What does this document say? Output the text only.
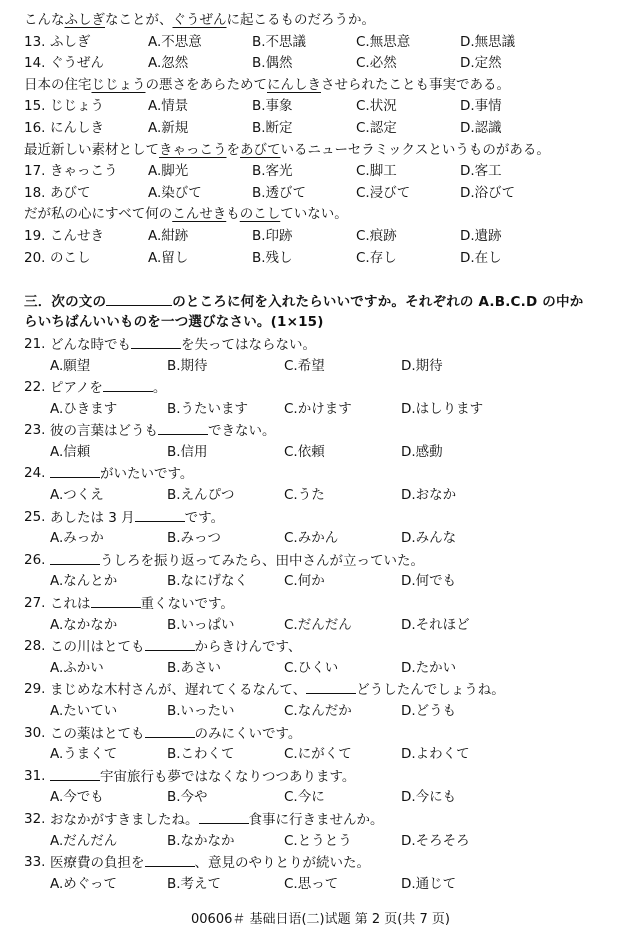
こんなふしぎなことが、ぐうぜんに起こるものだろうか。
13. ふしぎ	A.不思意	B.不思議	C.無思意	D.無思議
14. ぐうぜん	A.忽然	B.偶然	C.必然	D.定然
日本の住宅じじょうの悪さをあらためてにんしきさせられたことも事実である。
15. じじょう	A.情景	B.事象	C.状況	D.事情
16. にんしき	A.新規	B.断定	C.認定	D.認識
最近新しい素材としてきゃっこうをあびているニューセラミックスというものがある。
17. きゃっこう	A.脚光	B.客光	C.脚工	D.客工
18. あびて	A.染びて	B.透びて	C.浸びて	D.浴びて
だが私の心にすべて何のこんせきものこしていない。
19. こんせき	A.紺跡	B.印跡	C.痕跡	D.遺跡
20. のこし	A.留し	B.残し	C.存し	D.在し
三．次の文の	のところに何を入れたらいいですか。それぞれの A.B.C.D の中か
らいちばんいいものを一つ選びなさい。(1×15)
21. どんな時でも	を失ってはならない。
A.願望	B.期待	C.希望	D.期待
22. ピアノを	。
A.ひきます	B.うたいます	C.かけます	D.はしります
23. 彼の言葉はどうも	できない。
A.信頼	B.信用	C.依頼	D.感動
24.	がいたいです。
A.つくえ	B.えんぴつ	C.うた	D.おなか
25. あしたは 3 月	です。
A.みっか	B.みっつ	C.みかん	D.みんな
26.	うしろを振り返ってみたら、田中さんが立っていた。
A.なんとか	B.なにげなく	C.何か	D.何でも
27. これは	重くないです。
A.なかなか	B.いっぱい	C.だんだん	D.それほど
28. この川はとても	からきけんです、
A.ふかい	B.あさい	C.ひくい	D.たかい
29. まじめな木村さんが、遅れてくるなんて、	どうしたんでしょうね。
A.たいてい	B.いったい	C.なんだか	D.どうも
30. この薬はとても	のみにくいです。
A.うまくて	B.こわくて	C.にがくて	D.よわくて
31.	宇宙旅行も夢ではなくなりつつあります。
A.今でも	B.今や	C.今に	D.今にも
32. おなかがすきましたね。	食事に行きませんか。
A.だんだん	B.なかなか	C.とうとう	D.そろそろ
33. 医療費の負担を	、意見のやりとりが続いた。
A.めぐって	B.考えて	C.思って	D.通じて
00606＃ 基础日语(二)试题 第 2 页(共 7 页)
